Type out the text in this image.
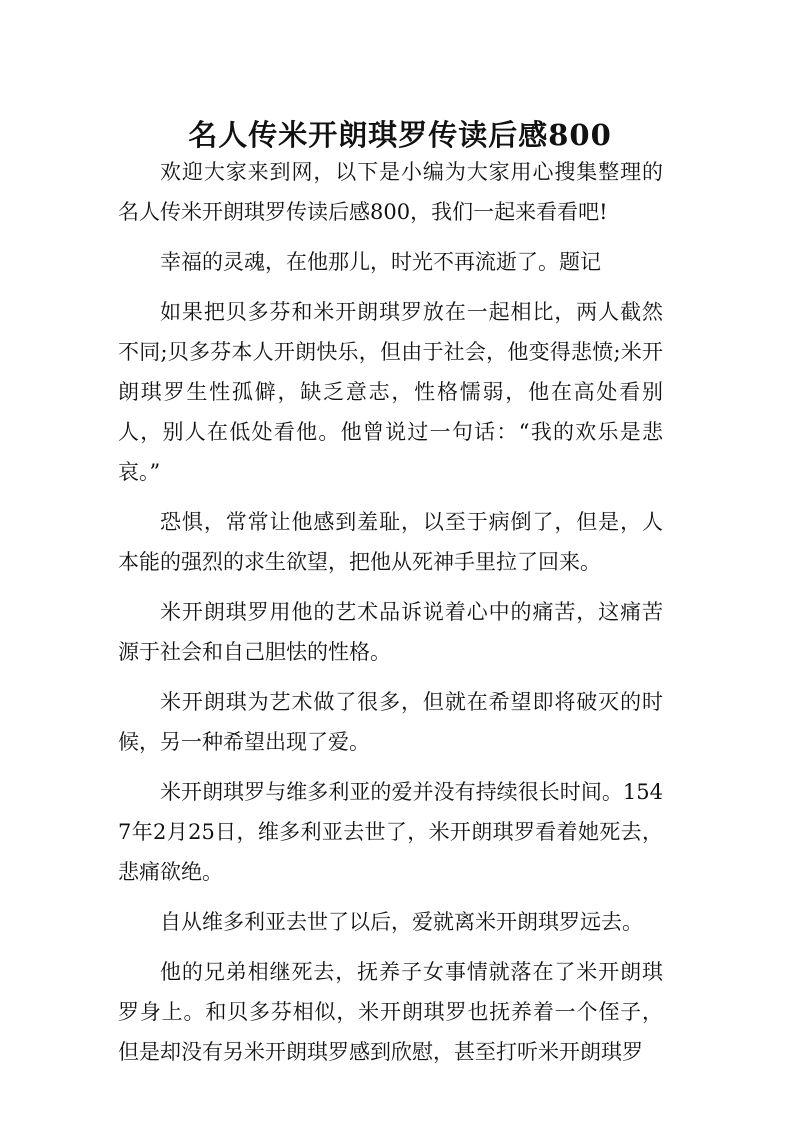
名人传米开朗琪罗传读后感800

欢迎大家来到网，以下是小编为大家用心搜集整理的名人传米开朗琪罗传读后感800，我们一起来看看吧!

幸福的灵魂，在他那儿，时光不再流逝了。题记

如果把贝多芬和米开朗琪罗放在一起相比，两人截然不同;贝多芬本人开朗快乐，但由于社会，他变得悲愤;米开朗琪罗生性孤僻，缺乏意志，性格懦弱，他在高处看别人，别人在低处看他。他曾说过一句话：“我的欢乐是悲哀。”

恐惧，常常让他感到羞耻，以至于病倒了，但是，人本能的强烈的求生欲望，把他从死神手里拉了回来。

米开朗琪罗用他的艺术品诉说着心中的痛苦，这痛苦源于社会和自己胆怯的性格。

米开朗琪为艺术做了很多，但就在希望即将破灭的时候，另一种希望出现了爱。

米开朗琪罗与维多利亚的爱并没有持续很长时间。1547年2月25日，维多利亚去世了，米开朗琪罗看着她死去，悲痛欲绝。

自从维多利亚去世了以后，爱就离米开朗琪罗远去。

他的兄弟相继死去，抚养子女事情就落在了米开朗琪罗身上。和贝多芬相似，米开朗琪罗也抚养着一个侄子，但是却没有另米开朗琪罗感到欣慰，甚至打听米开朗琪罗
